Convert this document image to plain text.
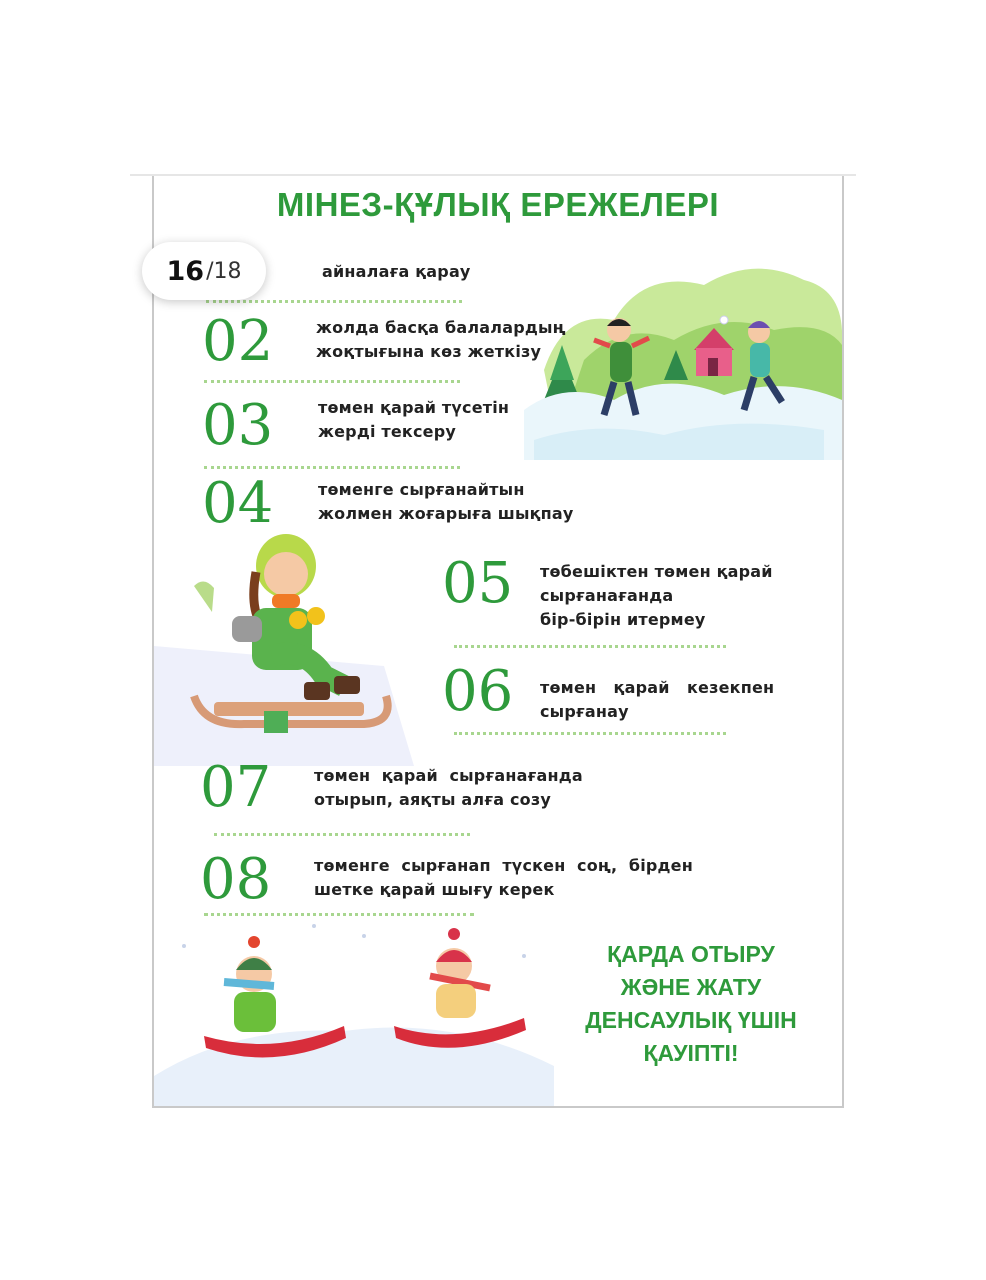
МІНЕЗ-ҚҰЛЫҚ ЕРЕЖЕЛЕРІ
айналаға қарау
02	жолда басқа балалардың
жоқтығына көз жеткізу
03	төмен қарай түсетін
жерді тексеру
04	төменге сырғанайтын
жолмен жоғарыға шықпау
05 төбешіктен төмен қарай
сырғанағанда
бір-бірін итермеу
06 төмен   қарай   кезекпен
сырғанау
07	төмен  қарай  сырғанағанда
отырып, аяқты алға созу
08	төменге  сырғанап  түскен  соң,  бірден
шетке қарай шығу керек
ҚАРДА ОТЫРУ
ЖӘНЕ ЖАТУ
ДЕНСАУЛЫҚ ҮШІН
ҚАУІПТІ!
16 / 18
